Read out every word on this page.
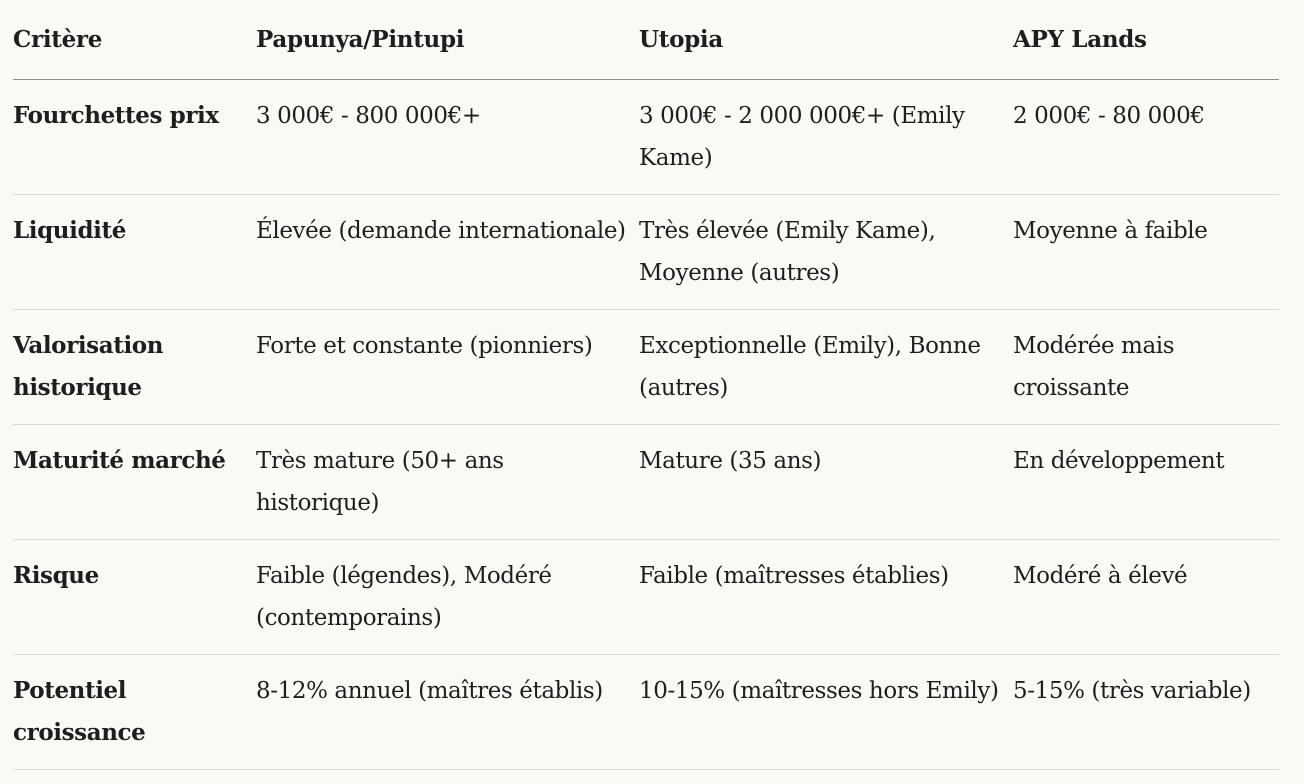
Critère	Papunya/Pintupi	Utopia	APY Lands
Fourchettes prix	3 000€ - 800 000€+	3 000€ - 2 000 000€+ (Emily Kame)	2 000€ - 80 000€
Liquidité	Élevée (demande internationale)	Très élevée (Emily Kame), Moyenne (autres)	Moyenne à faible
Valorisation historique	Forte et constante (pionniers)	Exceptionnelle (Emily), Bonne (autres)	Modérée mais croissante
Maturité marché	Très mature (50+ ans historique)	Mature (35 ans)	En développement
Risque	Faible (légendes), Modéré (contemporains)	Faible (maîtresses établies)	Modéré à élevé
Potentiel croissance	8-12% annuel (maîtres établis)	10-15% (maîtresses hors Emily)	5-15% (très variable)
